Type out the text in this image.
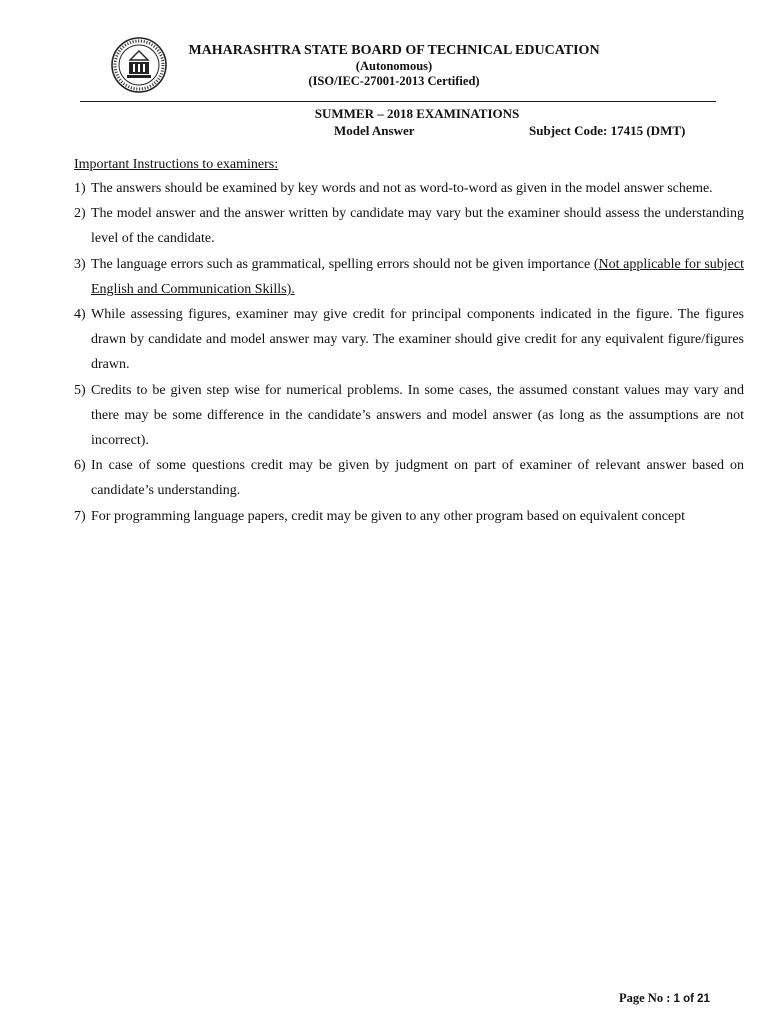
MAHARASHTRA STATE BOARD OF TECHNICAL EDUCATION
(Autonomous)
(ISO/IEC-27001-2013 Certified)
SUMMER – 2018 EXAMINATIONS
Model Answer	Subject Code: 17415 (DMT)
Important Instructions to examiners:
1) The answers should be examined by key words and not as word-to-word as given in the model answer scheme.
2) The model answer and the answer written by candidate may vary but the examiner should assess the understanding level of the candidate.
3) The language errors such as grammatical, spelling errors should not be given importance (Not applicable for subject English and Communication Skills).
4) While assessing figures, examiner may give credit for principal components indicated in the figure. The figures drawn by candidate and model answer may vary. The examiner should give credit for any equivalent figure/figures drawn.
5) Credits to be given step wise for numerical problems. In some cases, the assumed constant values may vary and there may be some difference in the candidate’s answers and model answer (as long as the assumptions are not incorrect).
6) In case of some questions credit may be given by judgment on part of examiner of relevant answer based on candidate’s understanding.
7) For programming language papers, credit may be given to any other program based on equivalent concept
Page No : 1 of 21
